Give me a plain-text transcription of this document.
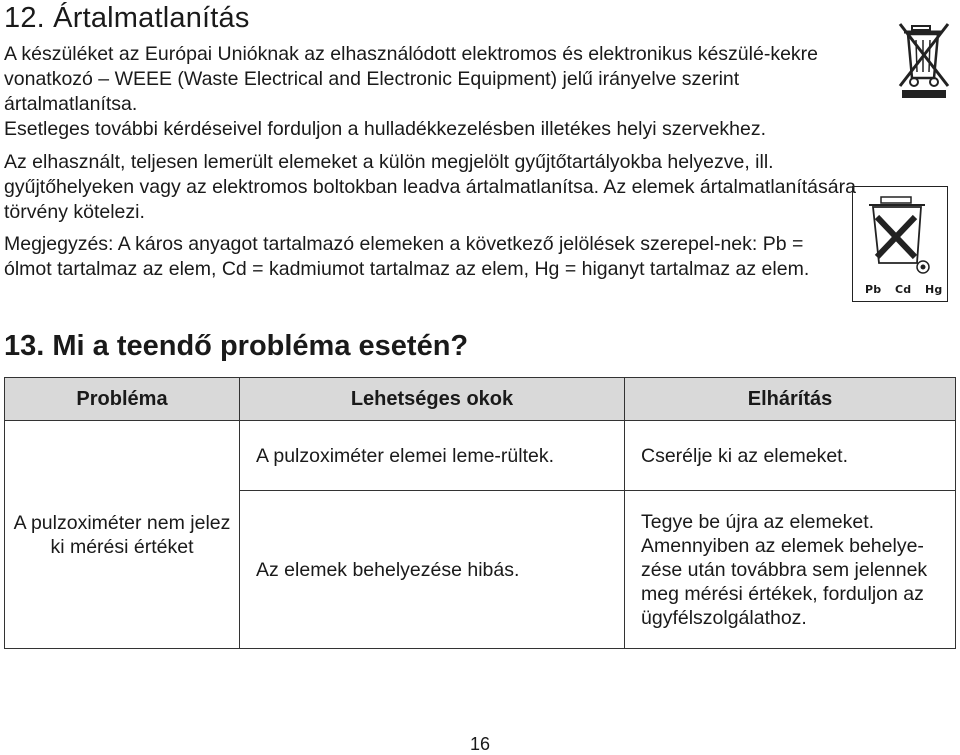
12. Ártalmatlanítás

A készüléket az Európai Unióknak az elhasználódott elektromos és elektronikus készülé-kekre vonatkozó – WEEE (Waste Electrical and Electronic Equipment) jelű irányelve szerint ártalmatlanítsa.

Esetleges további kérdéseivel forduljon a hulladékkezelésben illetékes helyi szervekhez.

Az elhasznált, teljesen lemerült elemeket a külön megjelölt gyűjtőtartályokba helyezve, ill. gyűjtőhelyeken vagy az elektromos boltokban leadva ártalmatlanítsa. Az elemek ártalmatlanítására törvény kötelezi.

Megjegyzés: A káros anyagot tartalmazó elemeken a következő jelölések szerepel-nek: Pb = ólmot tartalmaz az elem, Cd = kadmiumot tartalmaz az elem, Hg = higanyt tartalmaz az elem.

Pb Cd Hg
13. Mi a teendő probléma esetén?
Probléma	Lehetséges okok	Elhárítás
A pulzoximéter nem jelez ki mérési értéket	A pulzoximéter elemei leme-rültek.	Cserélje ki az elemeket.
	Az elemek behelyezése hibás.	Tegye be újra az elemeket. Amennyiben az elemek behelye-zése után továbbra sem jelennek meg mérési értékek, forduljon az ügyfélszolgálathoz.
16
